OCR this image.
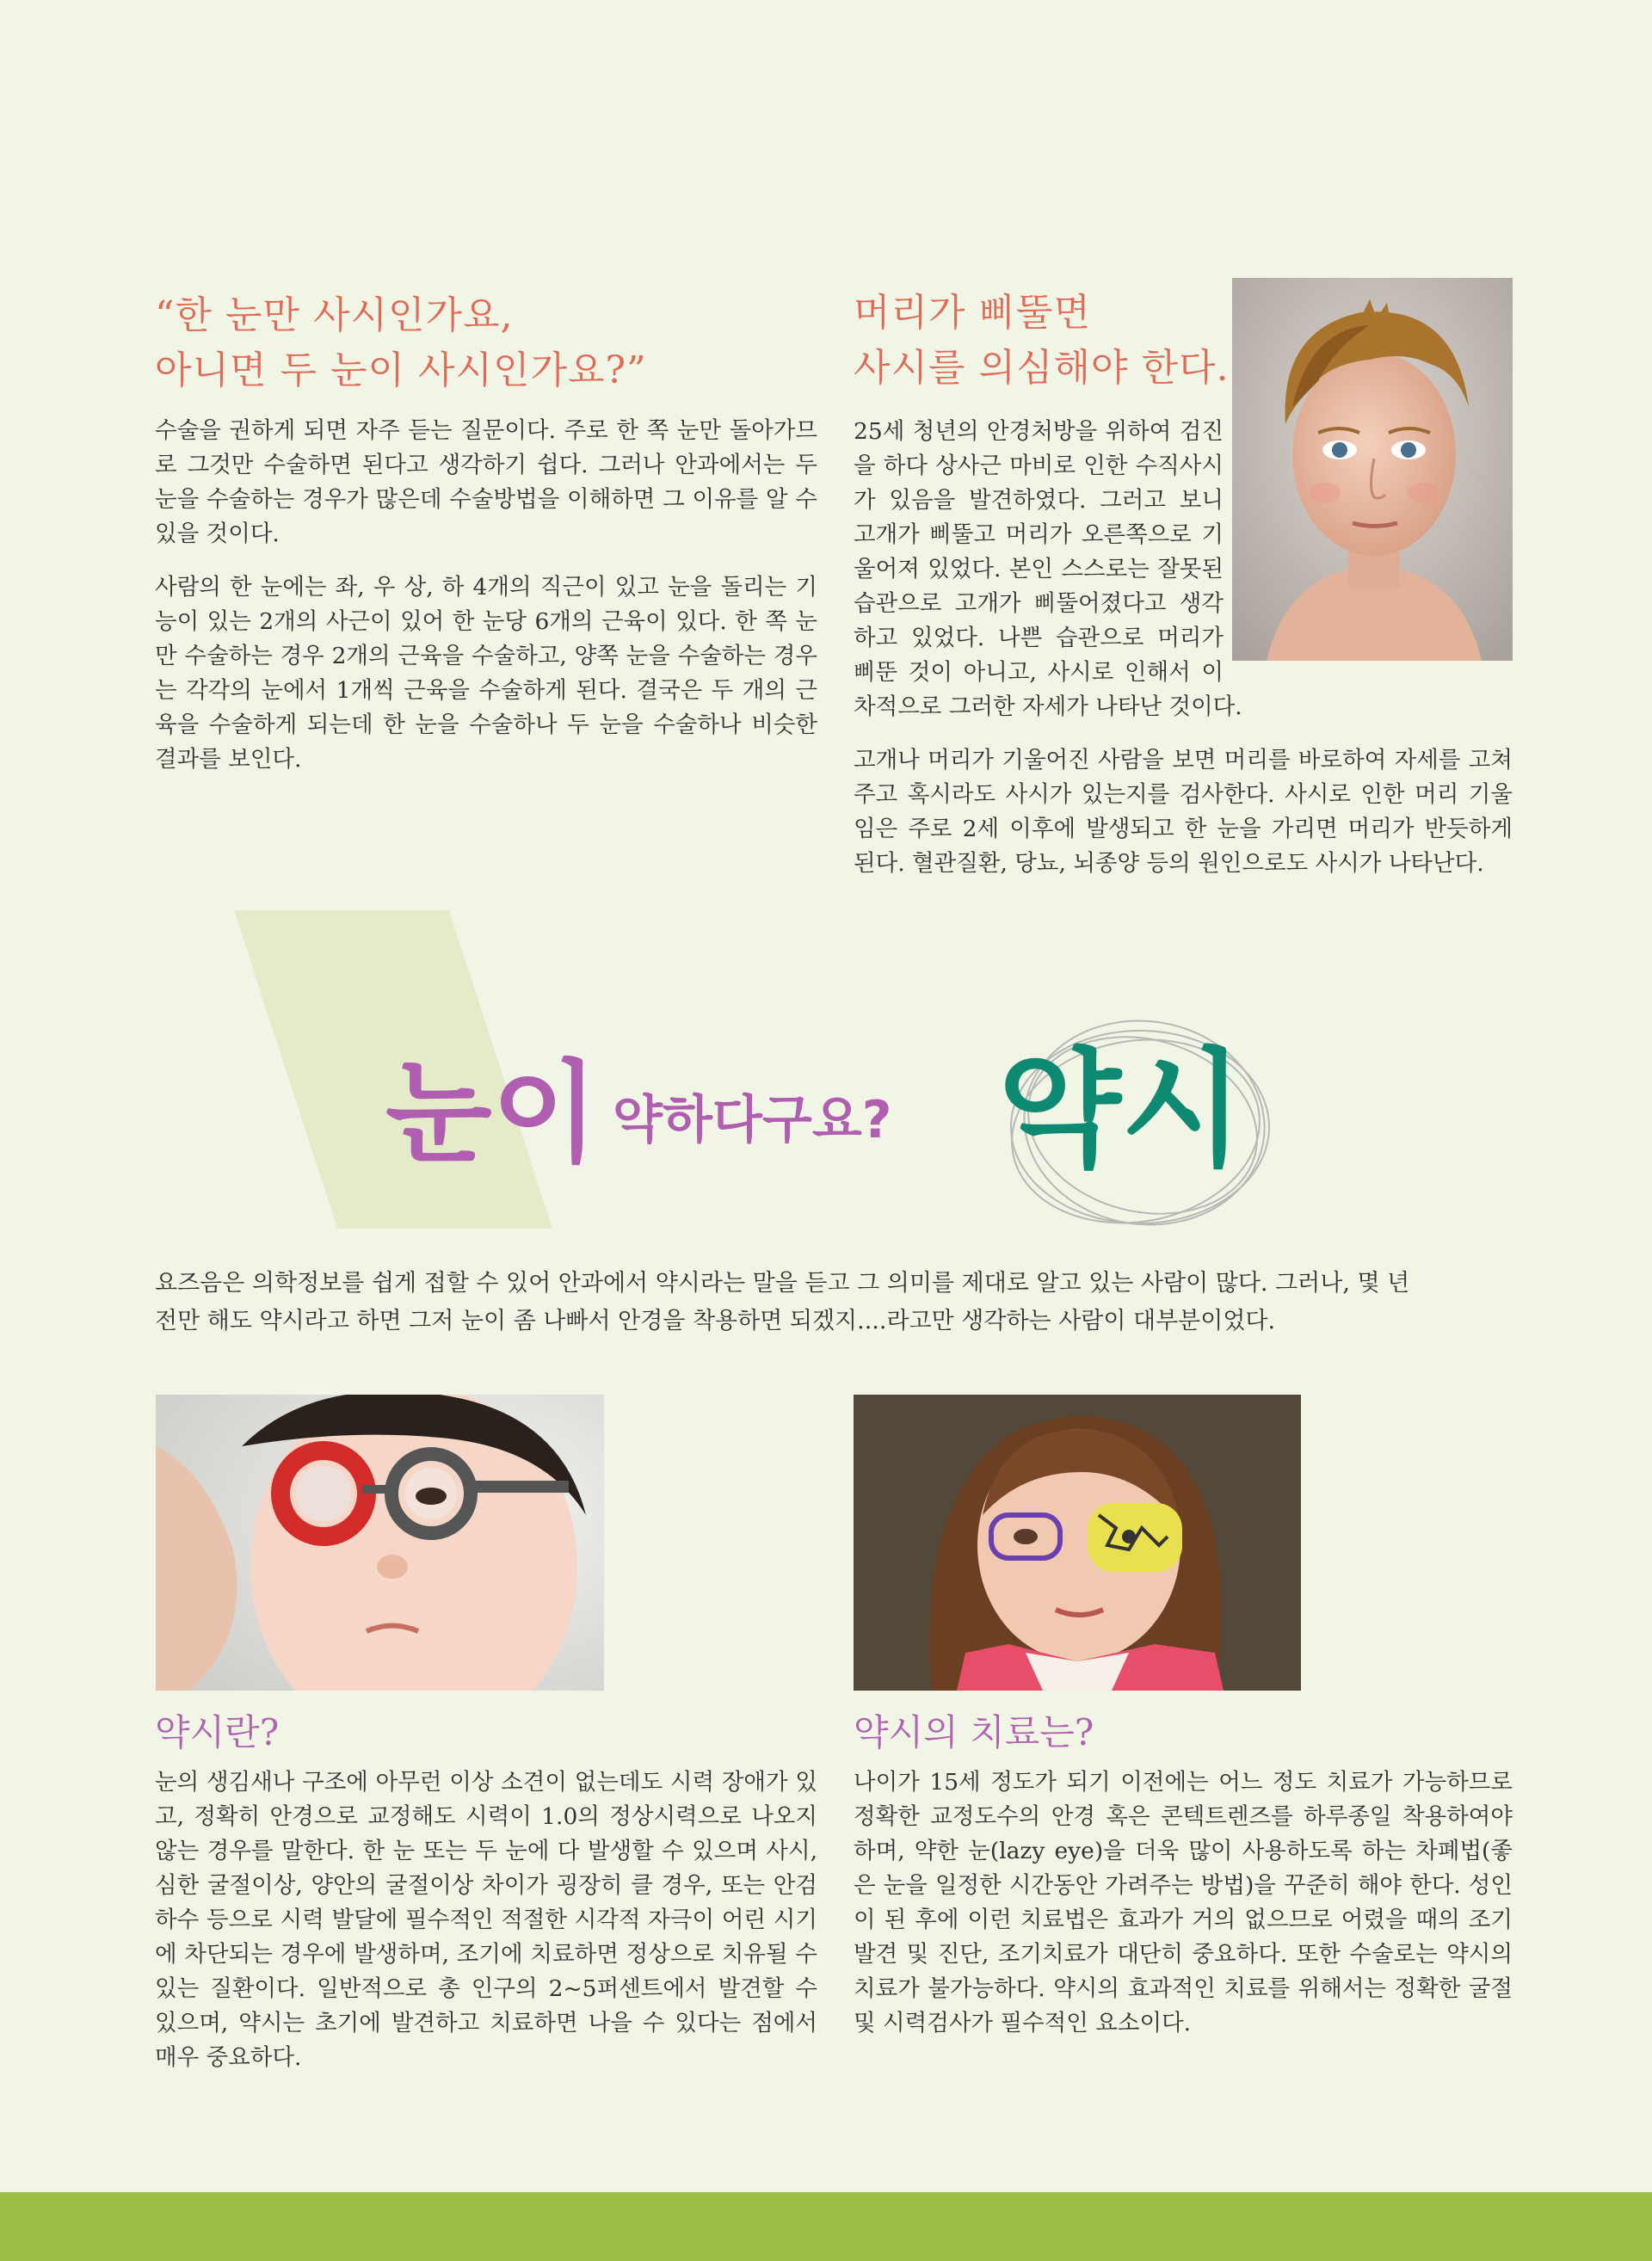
“한 눈만 사시인가요,
아니면 두 눈이 사시인가요?”

수술을 권하게 되면 자주 듣는 질문이다. 주로 한 쪽 눈만 돌아가므로 그것만 수술하면 된다고 생각하기 쉽다. 그러나 안과에서는 두 눈을 수술하는 경우가 많은데 수술방법을 이해하면 그 이유를 알 수 있을 것이다.

사람의 한 눈에는 좌, 우 상, 하 4개의 직근이 있고 눈을 돌리는 기능이 있는 2개의 사근이 있어 한 눈당 6개의 근육이 있다. 한 쪽 눈만 수술하는 경우 2개의 근육을 수술하고, 양쪽 눈을 수술하는 경우는 각각의 눈에서 1개씩 근육을 수술하게 된다. 결국은 두 개의 근육을 수술하게 되는데 한 눈을 수술하나 두 눈을 수술하나 비슷한 결과를 보인다.

머리가 삐뚤면
사시를 의심해야 한다.

25세 청년의 안경처방을 위하여 검진을 하다 상사근 마비로 인한 수직사시가 있음을 발견하였다. 그러고 보니 고개가 삐뚤고 머리가 오른쪽으로 기울어져 있었다. 본인 스스로는 잘못된 습관으로 고개가 삐뚤어졌다고 생각하고 있었다. 나쁜 습관으로 머리가 삐뚠 것이 아니고, 사시로 인해서 이차적으로 그러한 자세가 나타난 것이다.

고개나 머리가 기울어진 사람을 보면 머리를 바로하여 자세를 고쳐주고 혹시라도 사시가 있는지를 검사한다. 사시로 인한 머리 기울임은 주로 2세 이후에 발생되고 한 눈을 가리면 머리가 반듯하게 된다. 혈관질환, 당뇨, 뇌종양 등의 원인으로도 사시가 나타난다.

눈이 약하다구요? 약시

요즈음은 의학정보를 쉽게 접할 수 있어 안과에서 약시라는 말을 듣고 그 의미를 제대로 알고 있는 사람이 많다. 그러나, 몇 년

전만 해도 약시라고 하면 그저 눈이 좀 나빠서 안경을 착용하면 되겠지....라고만 생각하는 사람이 대부분이었다.

약시란?

눈의 생김새나 구조에 아무런 이상 소견이 없는데도 시력 장애가 있고, 정확히 안경으로 교정해도 시력이 1.0의 정상시력으로 나오지 않는 경우를 말한다. 한 눈 또는 두 눈에 다 발생할 수 있으며 사시, 심한 굴절이상, 양안의 굴절이상 차이가 굉장히 클 경우, 또는 안검하수 등으로 시력 발달에 필수적인 적절한 시각적 자극이 어린 시기에 차단되는 경우에 발생하며, 조기에 치료하면 정상으로 치유될 수 있는 질환이다. 일반적으로 총 인구의 2~5퍼센트에서 발견할 수 있으며, 약시는 초기에 발견하고 치료하면 나을 수 있다는 점에서 매우 중요하다.

약시의 치료는?

나이가 15세 정도가 되기 이전에는 어느 정도 치료가 가능하므로 정확한 교정도수의 안경 혹은 콘텍트렌즈를 하루종일 착용하여야 하며, 약한 눈(lazy eye)을 더욱 많이 사용하도록 하는 차폐법(좋은 눈을 일정한 시간동안 가려주는 방법)을 꾸준히 해야 한다. 성인이 된 후에 이런 치료법은 효과가 거의 없으므로 어렸을 때의 조기발견 및 진단, 조기치료가 대단히 중요하다. 또한 수술로는 약시의 치료가 불가능하다. 약시의 효과적인 치료를 위해서는 정확한 굴절 및 시력검사가 필수적인 요소이다.
